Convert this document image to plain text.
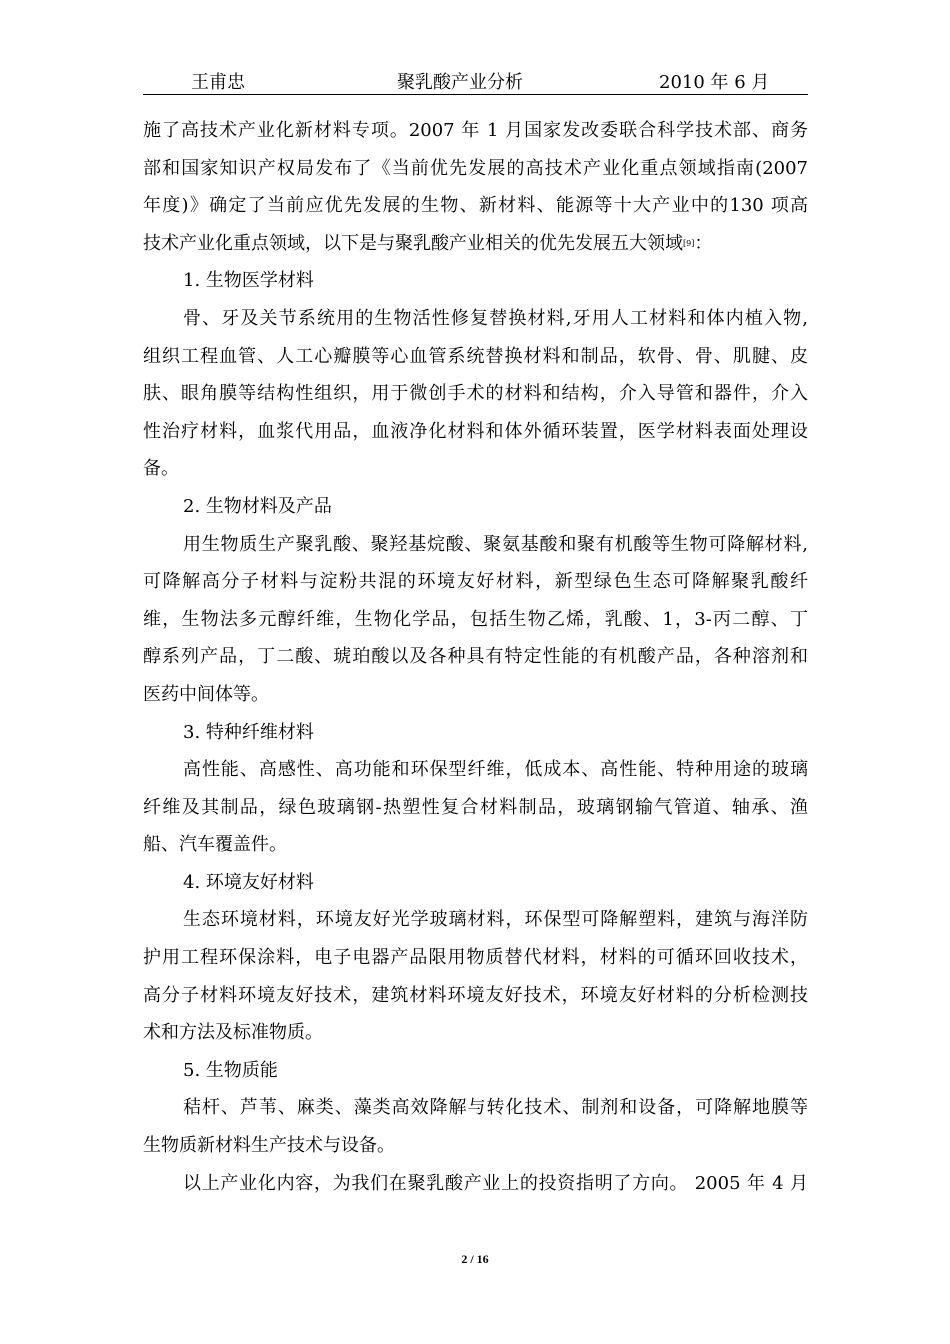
王甫忠	聚乳酸产业分析	2010 年 6 月
施了高技术产业化新材料专项。2007 年 1 月国家发改委联合科学技术部、商务
部和国家知识产权局发布了《当前优先发展的高技术产业化重点领域指南(2007
年度)》确定了当前应优先发展的生物、新材料、能源等十大产业中的130 项高
技术产业化重点领域，以下是与聚乳酸产业相关的优先发展五大领域[9]：
1. 生物医学材料
骨、牙及关节系统用的生物活性修复替换材料,牙用人工材料和体内植入物,
组织工程血管、人工心瓣膜等心血管系统替换材料和制品，软骨、骨、肌腱、皮
肤、眼角膜等结构性组织，用于微创手术的材料和结构，介入导管和器件，介入
性治疗材料，血浆代用品，血液净化材料和体外循环装置，医学材料表面处理设
备。
2. 生物材料及产品
用生物质生产聚乳酸、聚羟基烷酸、聚氨基酸和聚有机酸等生物可降解材料,
可降解高分子材料与淀粉共混的环境友好材料，新型绿色生态可降解聚乳酸纤
维，生物法多元醇纤维，生物化学品，包括生物乙烯，乳酸、1，3-丙二醇、丁
醇系列产品，丁二酸、琥珀酸以及各种具有特定性能的有机酸产品，各种溶剂和
医药中间体等。
3. 特种纤维材料
高性能、高感性、高功能和环保型纤维，低成本、高性能、特种用途的玻璃
纤维及其制品，绿色玻璃钢-热塑性复合材料制品，玻璃钢输气管道、轴承、渔
船、汽车覆盖件。
4. 环境友好材料
生态环境材料，环境友好光学玻璃材料，环保型可降解塑料，建筑与海洋防
护用工程环保涂料，电子电器产品限用物质替代材料，材料的可循环回收技术，
高分子材料环境友好技术，建筑材料环境友好技术，环境友好材料的分析检测技
术和方法及标准物质。
5. 生物质能
秸杆、芦苇、麻类、藻类高效降解与转化技术、制剂和设备，可降解地膜等
生物质新材料生产技术与设备。
以上产业化内容，为我们在聚乳酸产业上的投资指明了方向。 2005 年 4 月
2 / 16
